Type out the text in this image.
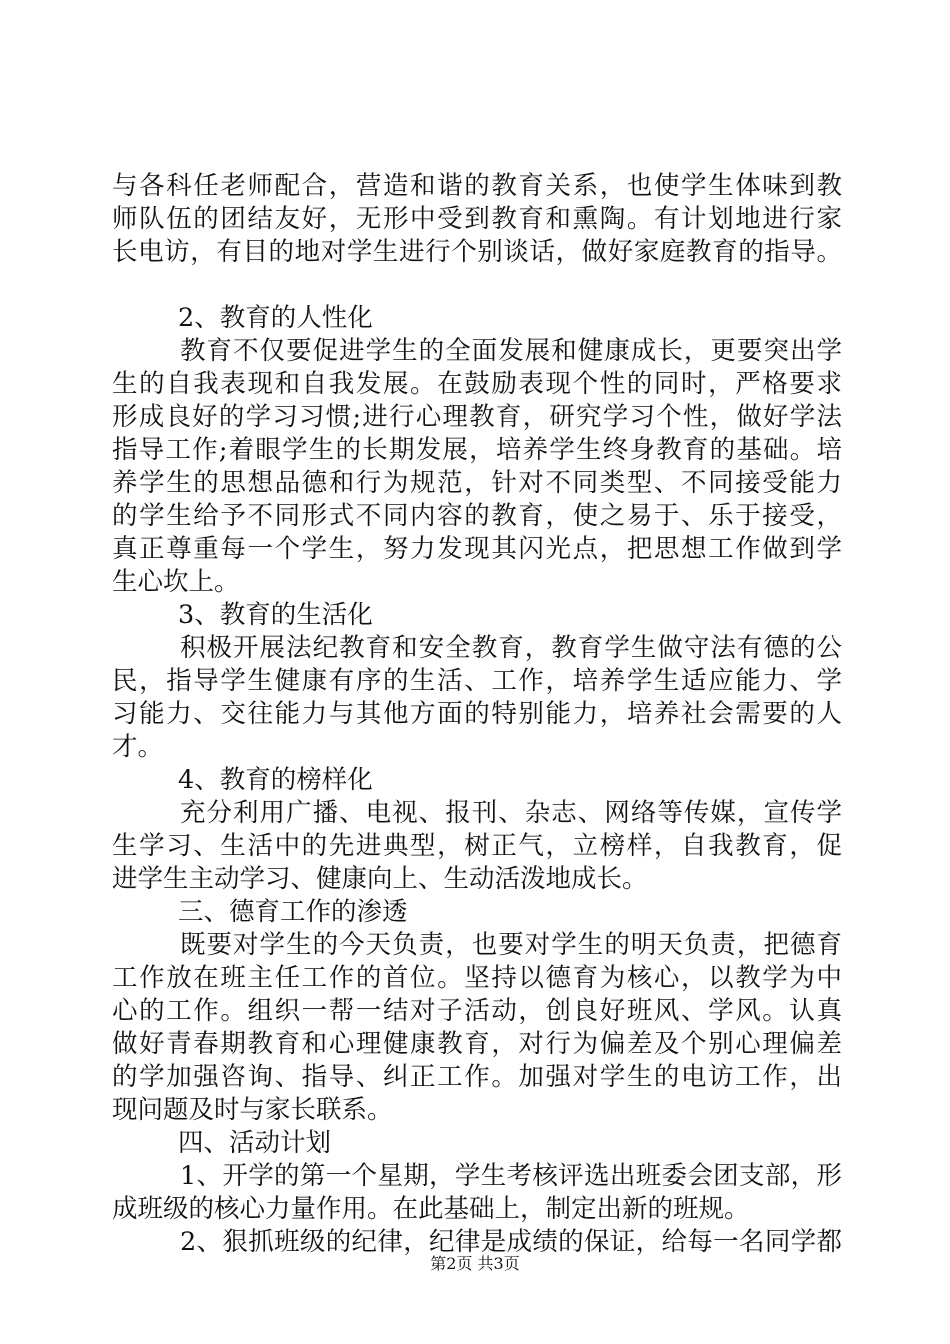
与各科任老师配合，营造和谐的教育关系，也使学生体味到教
师队伍的团结友好，无形中受到教育和熏陶。有计划地进行家
长电访，有目的地对学生进行个别谈话，做好家庭教育的指导。
2、教育的人性化
教育不仅要促进学生的全面发展和健康成长，更要突出学
生的自我表现和自我发展。在鼓励表现个性的同时，严格要求
形成良好的学习习惯;进行心理教育，研究学习个性，做好学法
指导工作;着眼学生的长期发展，培养学生终身教育的基础。培
养学生的思想品德和行为规范，针对不同类型、不同接受能力
的学生给予不同形式不同内容的教育，使之易于、乐于接受，
真正尊重每一个学生，努力发现其闪光点，把思想工作做到学
生心坎上。
3、教育的生活化
积极开展法纪教育和安全教育，教育学生做守法有德的公
民，指导学生健康有序的生活、工作，培养学生适应能力、学
习能力、交往能力与其他方面的特别能力，培养社会需要的人
才。
4、教育的榜样化
充分利用广播、电视、报刊、杂志、网络等传媒，宣传学
生学习、生活中的先进典型，树正气，立榜样，自我教育，促
进学生主动学习、健康向上、生动活泼地成长。
三、德育工作的渗透
既要对学生的今天负责，也要对学生的明天负责，把德育
工作放在班主任工作的首位。坚持以德育为核心，以教学为中
心的工作。组织一帮一结对子活动，创良好班风、学风。认真
做好青春期教育和心理健康教育，对行为偏差及个别心理偏差
的学加强咨询、指导、纠正工作。加强对学生的电访工作，出
现问题及时与家长联系。
四、活动计划
1、开学的第一个星期，学生考核评选出班委会团支部，形
成班级的核心力量作用。在此基础上，制定出新的班规。
2、狠抓班级的纪律，纪律是成绩的保证，给每一名同学都
第2页 共3页
